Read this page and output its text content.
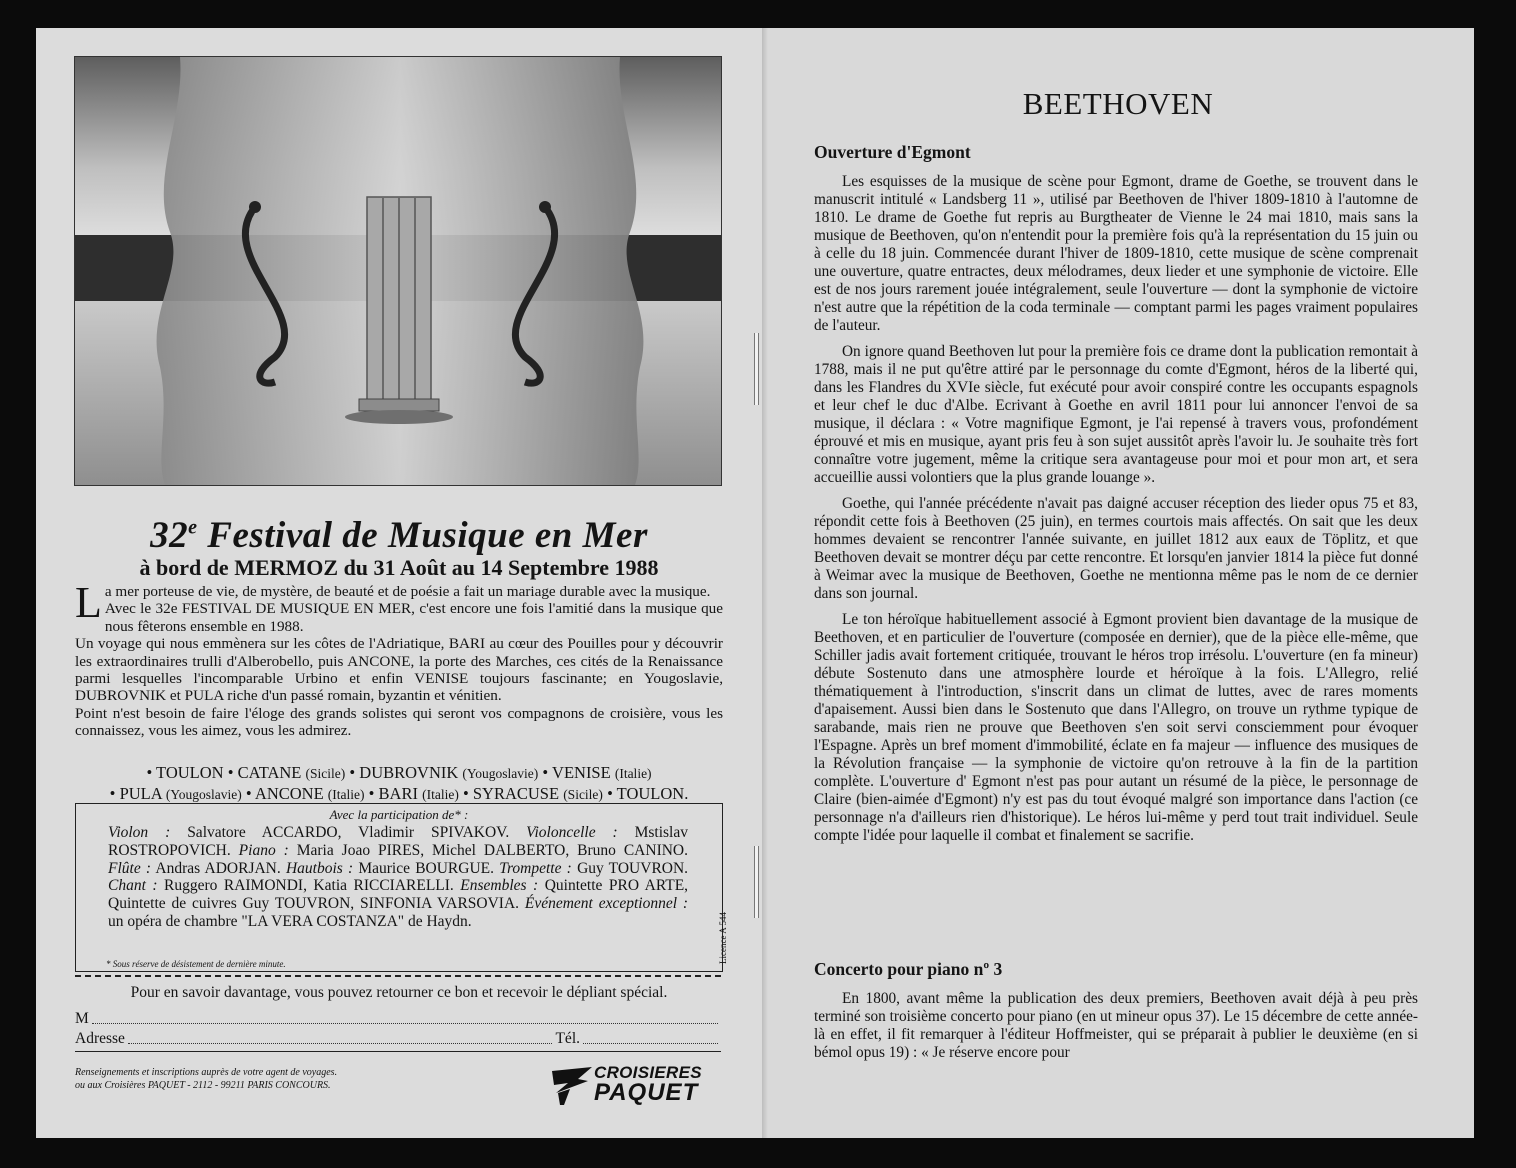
32e Festival de Musique en Mer
à bord de MERMOZ du 31 Août au 14 Septembre 1988

La mer porteuse de vie, de mystère, de beauté et de poésie a fait un mariage durable avec la musique.

Avec le 32e FESTIVAL DE MUSIQUE EN MER, c'est encore une fois l'amitié dans la musique que nous fêterons ensemble en 1988.

Un voyage qui nous emmènera sur les côtes de l'Adriatique, BARI au cœur des Pouilles pour y découvrir les extraordinaires trulli d'Alberobello, puis ANCONE, la porte des Marches, ces cités de la Renaissance parmi lesquelles l'incomparable Urbino et enfin VENISE toujours fascinante; en Yougoslavie, DUBROVNIK et PULA riche d'un passé romain, byzantin et vénitien.

Point n'est besoin de faire l'éloge des grands solistes qui seront vos compagnons de croisière, vous les connaissez, vous les aimez, vous les admirez.

• TOULON • CATANE (Sicile) • DUBROVNIK (Yougoslavie) • VENISE (Italie)
• PULA (Yougoslavie) • ANCONE (Italie) • BARI (Italie) • SYRACUSE (Sicile) • TOULON.
Avec la participation de* :
Violon : Salvatore ACCARDO, Vladimir SPIVAKOV. Violoncelle : Mstislav ROSTROPOVICH. Piano : Maria Joao PIRES, Michel DALBERTO, Bruno CANINO. Flûte : Andras ADORJAN. Hautbois : Maurice BOURGUE. Trompette : Guy TOUVRON. Chant : Ruggero RAIMONDI, Katia RICCIARELLI. Ensembles : Quintette PRO ARTE, Quintette de cuivres Guy TOUVRON, SINFONIA VARSOVIA. Événement exceptionnel : un opéra de chambre "LA VERA COSTANZA" de Haydn.
* Sous réserve de désistement de dernière minute.	Licence A 544
Pour en savoir davantage, vous pouvez retourner ce bon et recevoir le dépliant spécial.
M
Adresse	Tél.
Renseignements et inscriptions auprès de votre agent de voyages.
ou aux Croisières PAQUET - 2112 - 99211 PARIS CONCOURS.
CROISIERES
PAQUET
BEETHOVEN
Ouverture d'Egmont

Les esquisses de la musique de scène pour Egmont, drame de Goethe, se trouvent dans le manuscrit intitulé « Landsberg 11 », utilisé par Beethoven de l'hiver 1809-1810 à l'automne de 1810. Le drame de Goethe fut repris au Burgtheater de Vienne le 24 mai 1810, mais sans la musique de Beethoven, qu'on n'entendit pour la première fois qu'à la représentation du 15 juin ou à celle du 18 juin. Commencée durant l'hiver de 1809-1810, cette musique de scène comprenait une ouverture, quatre entractes, deux mélodrames, deux lieder et une symphonie de victoire. Elle est de nos jours rarement jouée intégralement, seule l'ouverture — dont la symphonie de victoire n'est autre que la répétition de la coda terminale — comptant parmi les pages vraiment populaires de l'auteur.

On ignore quand Beethoven lut pour la première fois ce drame dont la publication remontait à 1788, mais il ne put qu'être attiré par le personnage du comte d'Egmont, héros de la liberté qui, dans les Flandres du XVIe siècle, fut exécuté pour avoir conspiré contre les occupants espagnols et leur chef le duc d'Albe. Ecrivant à Goethe en avril 1811 pour lui annoncer l'envoi de sa musique, il déclara : « Votre magnifique Egmont, je l'ai repensé à travers vous, profondément éprouvé et mis en musique, ayant pris feu à son sujet aussitôt après l'avoir lu. Je souhaite très fort connaître votre jugement, même la critique sera avantageuse pour moi et pour mon art, et sera accueillie aussi volontiers que la plus grande louange ».

Goethe, qui l'année précédente n'avait pas daigné accuser réception des lieder opus 75 et 83, répondit cette fois à Beethoven (25 juin), en termes courtois mais affectés. On sait que les deux hommes devaient se rencontrer l'année suivante, en juillet 1812 aux eaux de Töplitz, et que Beethoven devait se montrer déçu par cette rencontre. Et lorsqu'en janvier 1814 la pièce fut donné à Weimar avec la musique de Beethoven, Goethe ne mentionna même pas le nom de ce dernier dans son journal.

Le ton héroïque habituellement associé à Egmont provient bien davantage de la musique de Beethoven, et en particulier de l'ouverture (composée en dernier), que de la pièce elle-même, que Schiller jadis avait fortement critiquée, trouvant le héros trop irrésolu. L'ouverture (en fa mineur) débute Sostenuto dans une atmosphère lourde et héroïque à la fois. L'Allegro, relié thématiquement à l'introduction, s'inscrit dans un climat de luttes, avec de rares moments d'apaisement. Aussi bien dans le Sostenuto que dans l'Allegro, on trouve un rythme typique de sarabande, mais rien ne prouve que Beethoven s'en soit servi consciemment pour évoquer l'Espagne. Après un bref moment d'immobilité, éclate en fa majeur — influence des musiques de la Révolution française — la symphonie de victoire qu'on retrouve à la fin de la partition complète. L'ouverture d' Egmont n'est pas pour autant un résumé de la pièce, le personnage de Claire (bien-aimée d'Egmont) n'y est pas du tout évoqué malgré son importance dans l'action (ce personnage n'a d'ailleurs rien d'historique). Le héros lui-même y perd tout trait individuel. Seule compte l'idée pour laquelle il combat et finalement se sacrifie.

Concerto pour piano nº 3

En 1800, avant même la publication des deux premiers, Beethoven avait déjà à peu près terminé son troisième concerto pour piano (en ut mineur opus 37). Le 15 décembre de cette année-là en effet, il fit remarquer à l'éditeur Hoffmeister, qui se préparait à publier le deuxième (en si bémol opus 19) : « Je réserve encore pour
